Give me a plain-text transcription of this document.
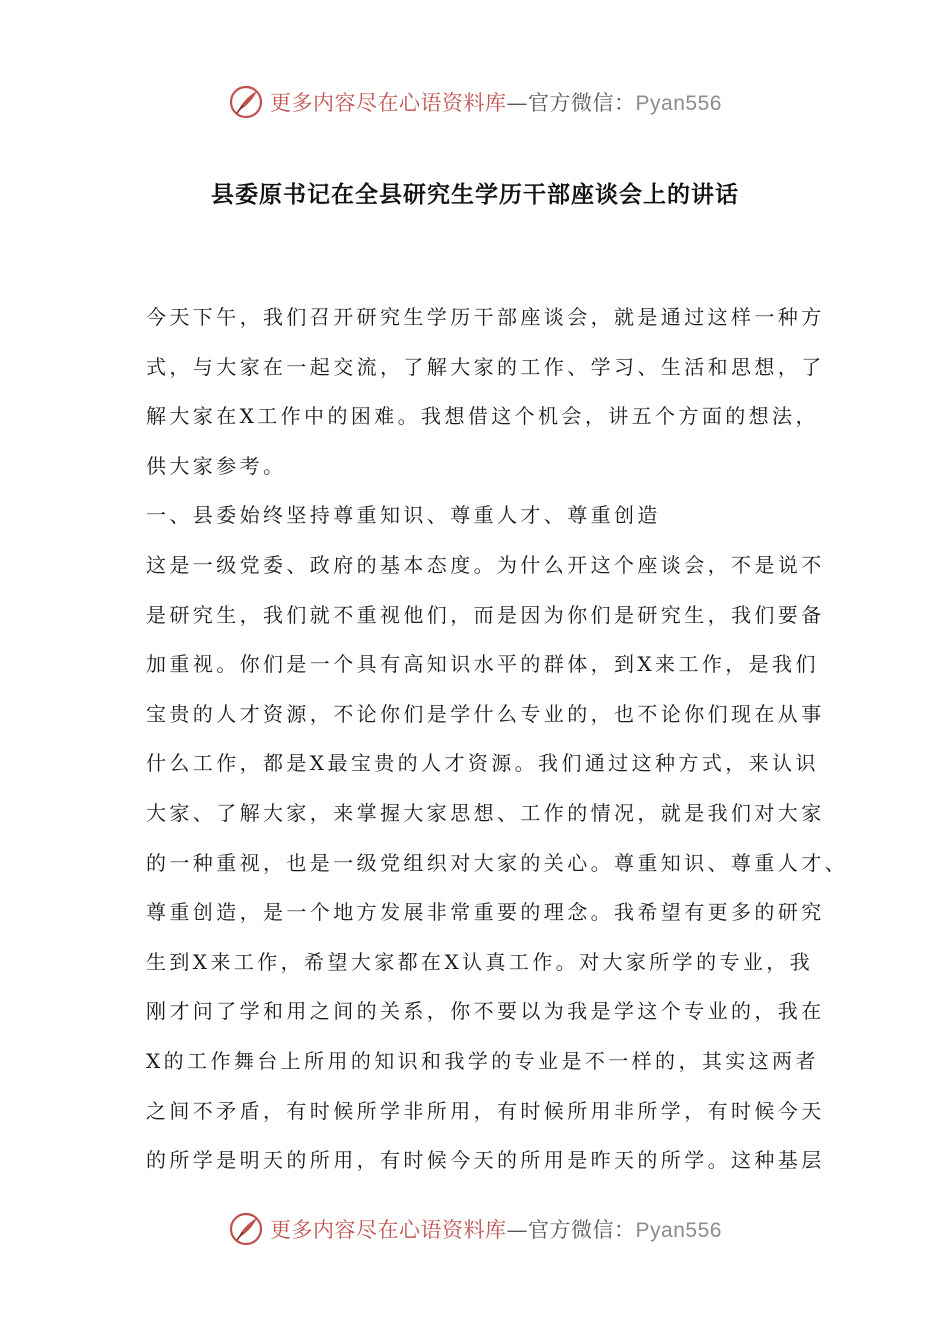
更多内容尽在心语资料库—官方微信：Pyan556
县委原书记在全县研究生学历干部座谈会上的讲话
今天下午，我们召开研究生学历干部座谈会，就是通过这样一种方
式，与大家在一起交流，了解大家的工作、学习、生活和思想，了
解大家在X工作中的困难。我想借这个机会，讲五个方面的想法，
供大家参考。
一、县委始终坚持尊重知识、尊重人才、尊重创造
这是一级党委、政府的基本态度。为什么开这个座谈会，不是说不
是研究生，我们就不重视他们，而是因为你们是研究生，我们要备
加重视。你们是一个具有高知识水平的群体，到X来工作，是我们
宝贵的人才资源，不论你们是学什么专业的，也不论你们现在从事
什么工作，都是X最宝贵的人才资源。我们通过这种方式，来认识
大家、了解大家，来掌握大家思想、工作的情况，就是我们对大家
的一种重视，也是一级党组织对大家的关心。尊重知识、尊重人才、
尊重创造，是一个地方发展非常重要的理念。我希望有更多的研究
生到X来工作，希望大家都在X认真工作。对大家所学的专业，我
刚才问了学和用之间的关系，你不要以为我是学这个专业的，我在
X的工作舞台上所用的知识和我学的专业是不一样的，其实这两者
之间不矛盾，有时候所学非所用，有时候所用非所学，有时候今天
的所学是明天的所用，有时候今天的所用是昨天的所学。这种基层
更多内容尽在心语资料库—官方微信：Pyan556
